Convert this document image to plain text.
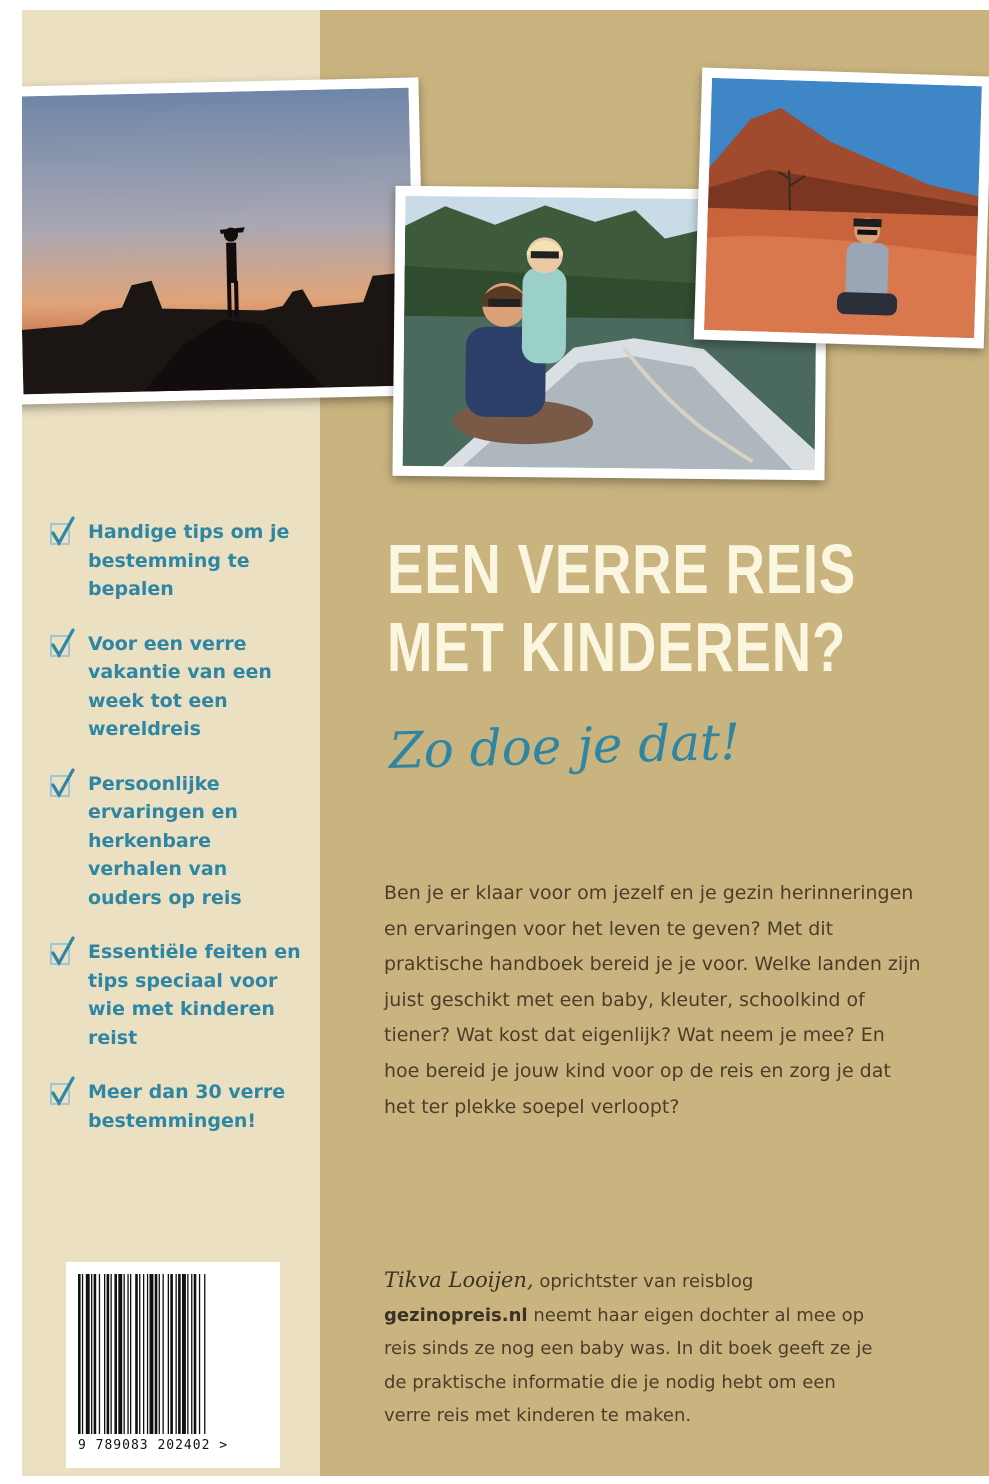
Handige tips om je bestemming te bepalen
Voor een verre vakantie van een week tot een wereldreis
Persoonlijke ervaringen en herkenbare verhalen van ouders op reis
Essentiële feiten en tips speciaal voor wie met kinderen reist
Meer dan 30 verre bestemmingen!
EEN VERRE REIS
MET KINDEREN?
Zo doe je dat!

Ben je er klaar voor om jezelf en je gezin herinneringen en ervaringen voor het leven te geven? Met dit praktische handboek bereid je je voor. Welke landen zijn juist geschikt met een baby, kleuter, schoolkind of tiener? Wat kost dat eigenlijk? Wat neem je mee? En hoe bereid je jouw kind voor op de reis en zorg je dat het ter plekke soepel verloopt?

Tikva Looijen, oprichtster van reisblog gezinopreis.nl neemt haar eigen dochter al mee op reis sinds ze nog een baby was. In dit boek geeft ze je de praktische informatie die je nodig hebt om een verre reis met kinderen te maken.

9 789083 202402 >
